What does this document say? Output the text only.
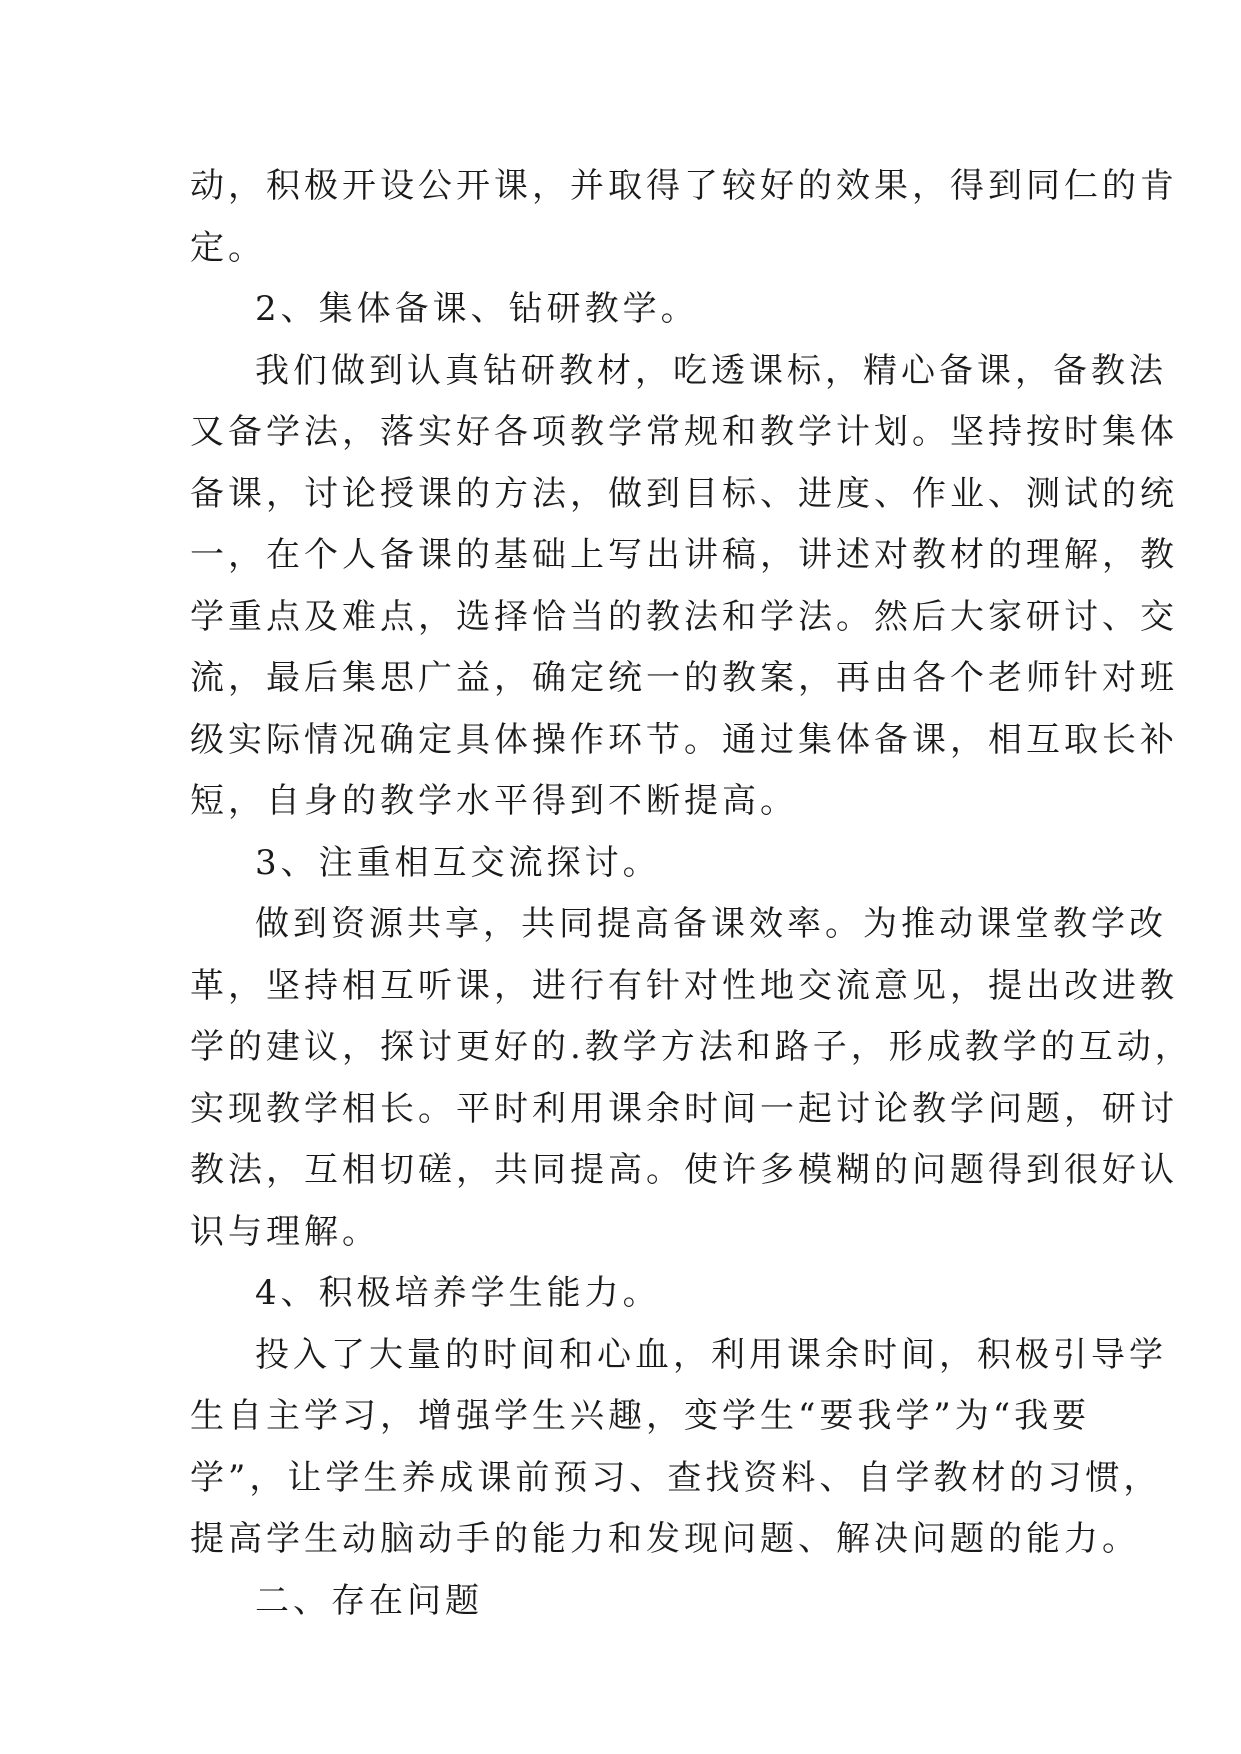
动，积极开设公开课，并取得了较好的效果，得到同仁的肯
定。
2、集体备课、钻研教学。
我们做到认真钻研教材，吃透课标，精心备课，备教法
又备学法，落实好各项教学常规和教学计划。坚持按时集体
备课，讨论授课的方法，做到目标、进度、作业、测试的统
一，在个人备课的基础上写出讲稿，讲述对教材的理解，教
学重点及难点，选择恰当的教法和学法。然后大家研讨、交
流，最后集思广益，确定统一的教案，再由各个老师针对班
级实际情况确定具体操作环节。通过集体备课，相互取长补
短，自身的教学水平得到不断提高。
3、注重相互交流探讨。
做到资源共享，共同提高备课效率。为推动课堂教学改
革，坚持相互听课，进行有针对性地交流意见，提出改进教
学的建议，探讨更好的.教学方法和路子，形成教学的互动，
实现教学相长。平时利用课余时间一起讨论教学问题，研讨
教法，互相切磋，共同提高。使许多模糊的问题得到很好认
识与理解。
4、积极培养学生能力。
投入了大量的时间和心血，利用课余时间，积极引导学
生自主学习，增强学生兴趣，变学生“要我学”为“我要
学”，让学生养成课前预习、查找资料、自学教材的习惯，
提高学生动脑动手的能力和发现问题、解决问题的能力。
二、存在问题
